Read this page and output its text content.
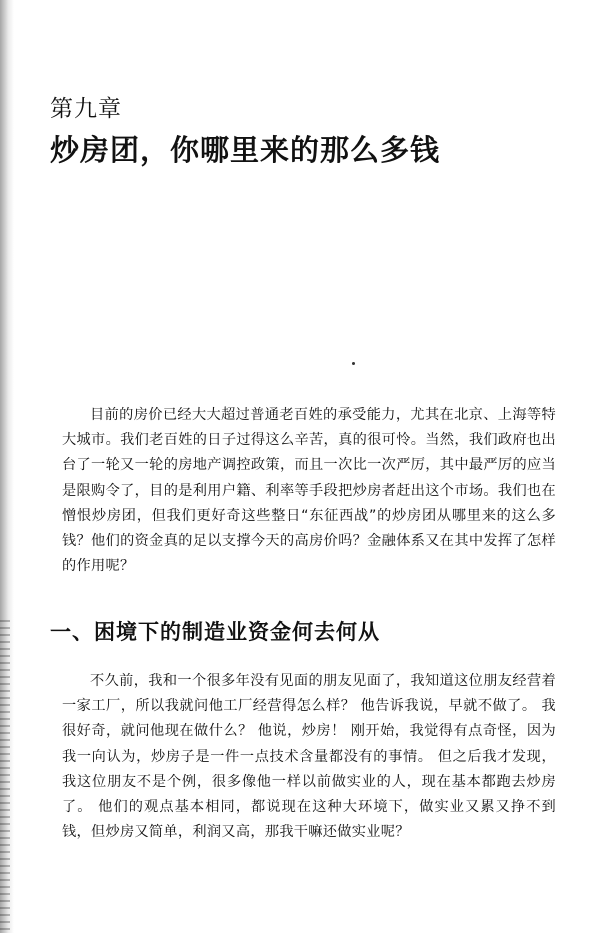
第九章
炒房团，你哪里来的那么多钱

目前的房价已经大大超过普通老百姓的承受能力，尤其在北京、上海等特大城市。我们老百姓的日子过得这么辛苦，真的很可怜。当然，我们政府也出台了一轮又一轮的房地产调控政策，而且一次比一次严厉，其中最严厉的应当是限购令了，目的是利用户籍、利率等手段把炒房者赶出这个市场。我们也在憎恨炒房团，但我们更好奇这些整日“东征西战”的炒房团从哪里来的这么多钱？他们的资金真的足以支撑今天的高房价吗？金融体系又在其中发挥了怎样的作用呢？

一、困境下的制造业资金何去何从

不久前，我和一个很多年没有见面的朋友见面了，我知道这位朋友经营着一家工厂，所以我就问他工厂经营得怎么样？ 他告诉我说，早就不做了。 我很好奇，就问他现在做什么？ 他说，炒房！ 刚开始，我觉得有点奇怪，因为我一向认为，炒房子是一件一点技术含量都没有的事情。 但之后我才发现，我这位朋友不是个例，很多像他一样以前做实业的人，现在基本都跑去炒房了。 他们的观点基本相同，都说现在这种大环境下，做实业又累又挣不到钱，但炒房又简单，利润又高，那我干嘛还做实业呢？
